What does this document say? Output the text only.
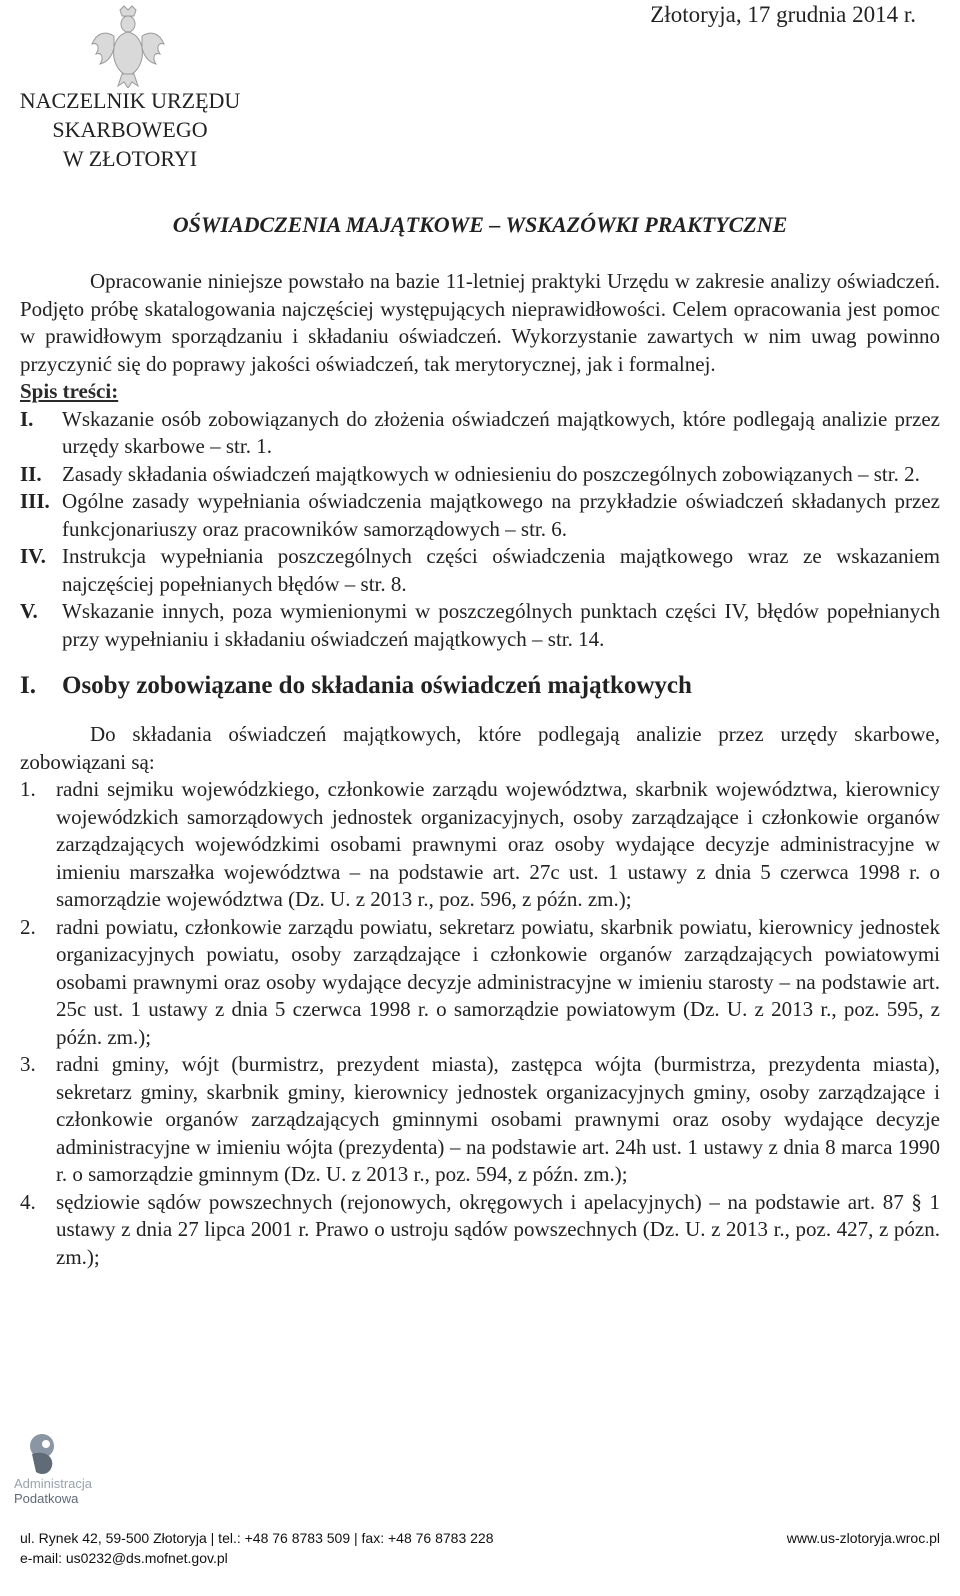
Złotoryja, 17 grudnia 2014 r.
NACZELNIK URZĘDU
SKARBOWEGO
W ZŁOTORYI
OŚWIADCZENIA MAJĄTKOWE – WSKAZÓWKI PRAKTYCZNE

Opracowanie niniejsze powstało na bazie 11-letniej praktyki Urzędu w zakresie analizy oświadczeń. Podjęto próbę skatalogowania najczęściej występujących nieprawidłowości. Celem opracowania jest pomoc w prawidłowym sporządzaniu i składaniu oświadczeń. Wykorzystanie zawartych w nim uwag powinno przyczynić się do poprawy jakości oświadczeń, tak merytorycznej, jak i formalnej.

Spis treści:
I. Wskazanie osób zobowiązanych do złożenia oświadczeń majątkowych, które podlegają analizie przez urzędy skarbowe – str. 1.
II. Zasady składania oświadczeń majątkowych w odniesieniu do poszczególnych zobowiązanych – str. 2.
III. Ogólne zasady wypełniania oświadczenia majątkowego na przykładzie oświadczeń składanych przez funkcjonariuszy oraz pracowników samorządowych – str. 6.
IV. Instrukcja wypełniania poszczególnych części oświadczenia majątkowego wraz ze wskazaniem najczęściej popełnianych błędów – str. 8.
V. Wskazanie innych, poza wymienionymi w poszczególnych punktach części IV, błędów popełnianych przy wypełnianiu i składaniu oświadczeń majątkowych – str. 14.
I. Osoby zobowiązane do składania oświadczeń majątkowych

Do składania oświadczeń majątkowych, które podlegają analizie przez urzędy skarbowe, zobowiązani są:

1. radni sejmiku wojewódzkiego, członkowie zarządu województwa, skarbnik województwa, kierownicy wojewódzkich samorządowych jednostek organizacyjnych, osoby zarządzające i członkowie organów zarządzających wojewódzkimi osobami prawnymi oraz osoby wydające decyzje administracyjne w imieniu marszałka województwa – na podstawie art. 27c ust. 1 ustawy z dnia 5 czerwca 1998 r. o samorządzie województwa (Dz. U. z 2013 r., poz. 596, z późn. zm.);
2. radni powiatu, członkowie zarządu powiatu, sekretarz powiatu, skarbnik powiatu, kierownicy jednostek organizacyjnych powiatu, osoby zarządzające i członkowie organów zarządzających powiatowymi osobami prawnymi oraz osoby wydające decyzje administracyjne w imieniu starosty – na podstawie art. 25c ust. 1 ustawy z dnia 5 czerwca 1998 r. o samorządzie powiatowym (Dz. U. z 2013 r., poz. 595, z późn. zm.);
3. radni gminy, wójt (burmistrz, prezydent miasta), zastępca wójta (burmistrza, prezydenta miasta), sekretarz gminy, skarbnik gminy, kierownicy jednostek organizacyjnych gminy, osoby zarządzające i członkowie organów zarządzających gminnymi osobami prawnymi oraz osoby wydające decyzje administracyjne w imieniu wójta (prezydenta) – na podstawie art. 24h ust. 1 ustawy z dnia 8 marca 1990 r. o samorządzie gminnym (Dz. U. z 2013 r., poz. 594, z późn. zm.);
4. sędziowie sądów powszechnych (rejonowych, okręgowych i apelacyjnych) – na podstawie art. 87 § 1 ustawy z dnia 27 lipca 2001 r. Prawo o ustroju sądów powszechnych (Dz. U. z 2013 r., poz. 427, z pózn. zm.);
Administracja
Podatkowa
ul. Rynek 42, 59-500 Złotoryja | tel.: +48 76 8783 509 | fax: +48 76 8783 228	www.us-zlotoryja.wroc.pl
e-mail: us0232@ds.mofnet.gov.pl
